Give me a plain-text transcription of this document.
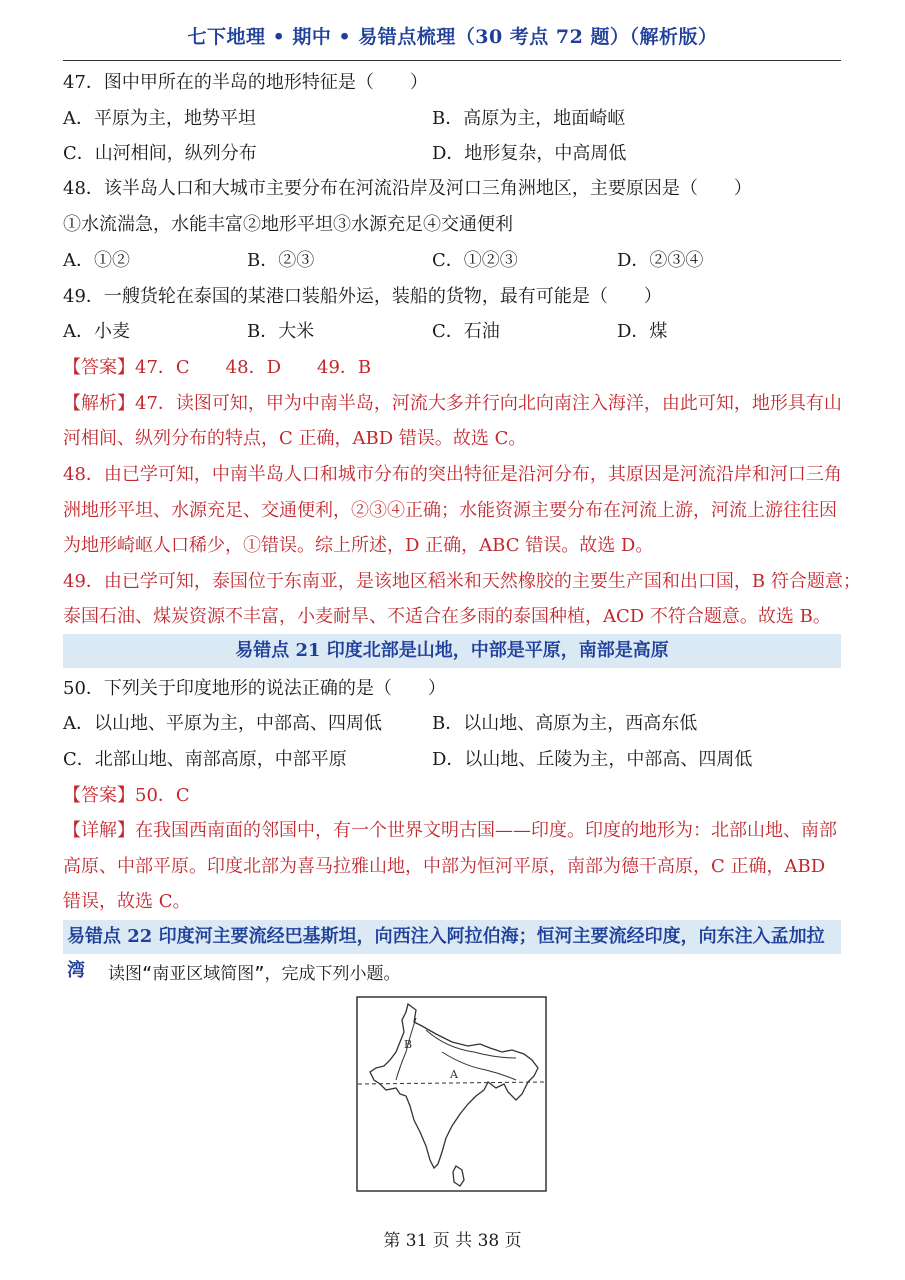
七下地理 • 期中 • 易错点梳理（30 考点 72 题）（解析版）
47．图中甲所在的半岛的地形特征是（　　）
A．平原为主，地势平坦	B．高原为主，地面崎岖
C．山河相间，纵列分布	D．地形复杂，中高周低
48．该半岛人口和大城市主要分布在河流沿岸及河口三角洲地区，主要原因是（　　）
①水流湍急，水能丰富②地形平坦③水源充足④交通便利
A．①②	B．②③	C．①②③	D．②③④
49．一艘货轮在泰国的某港口装船外运，装船的货物，最有可能是（　　）
A．小麦	B．大米	C．石油	D．煤
【答案】47．C　　48．D　　49．B
【解析】47．读图可知，甲为中南半岛，河流大多并行向北向南注入海洋，由此可知，地形具有山
河相间、纵列分布的特点，C 正确，ABD 错误。故选 C。
48．由已学可知，中南半岛人口和城市分布的突出特征是沿河分布，其原因是河流沿岸和河口三角
洲地形平坦、水源充足、交通便利，②③④正确；水能资源主要分布在河流上游，河流上游往往因
为地形崎岖人口稀少，①错误。综上所述，D 正确，ABC 错误。故选 D。
49．由已学可知，泰国位于东南亚，是该地区稻米和天然橡胶的主要生产国和出口国，B 符合题意；
泰国石油、煤炭资源不丰富，小麦耐旱、不适合在多雨的泰国种植，ACD 不符合题意。故选 B。
易错点 21 印度北部是山地，中部是平原，南部是高原
50．下列关于印度地形的说法正确的是（　　）
A．以山地、平原为主，中部高、四周低	B．以山地、高原为主，西高东低
C．北部山地、南部高原，中部平原	D．以山地、丘陵为主，中部高、四周低
【答案】50．C
【详解】在我国西南面的邻国中，有一个世界文明古国——印度。印度的地形为：北部山地、南部
高原、中部平原。印度北部为喜马拉雅山地，中部为恒河平原，南部为德干高原，C 正确，ABD
错误，故选 C。
易错点 22 印度河主要流经巴基斯坦，向西注入阿拉伯海；恒河主要流经印度，向东注入孟加拉湾	读图“南亚区域简图”，完成下列小题。
B
A
第 31 页 共 38 页
